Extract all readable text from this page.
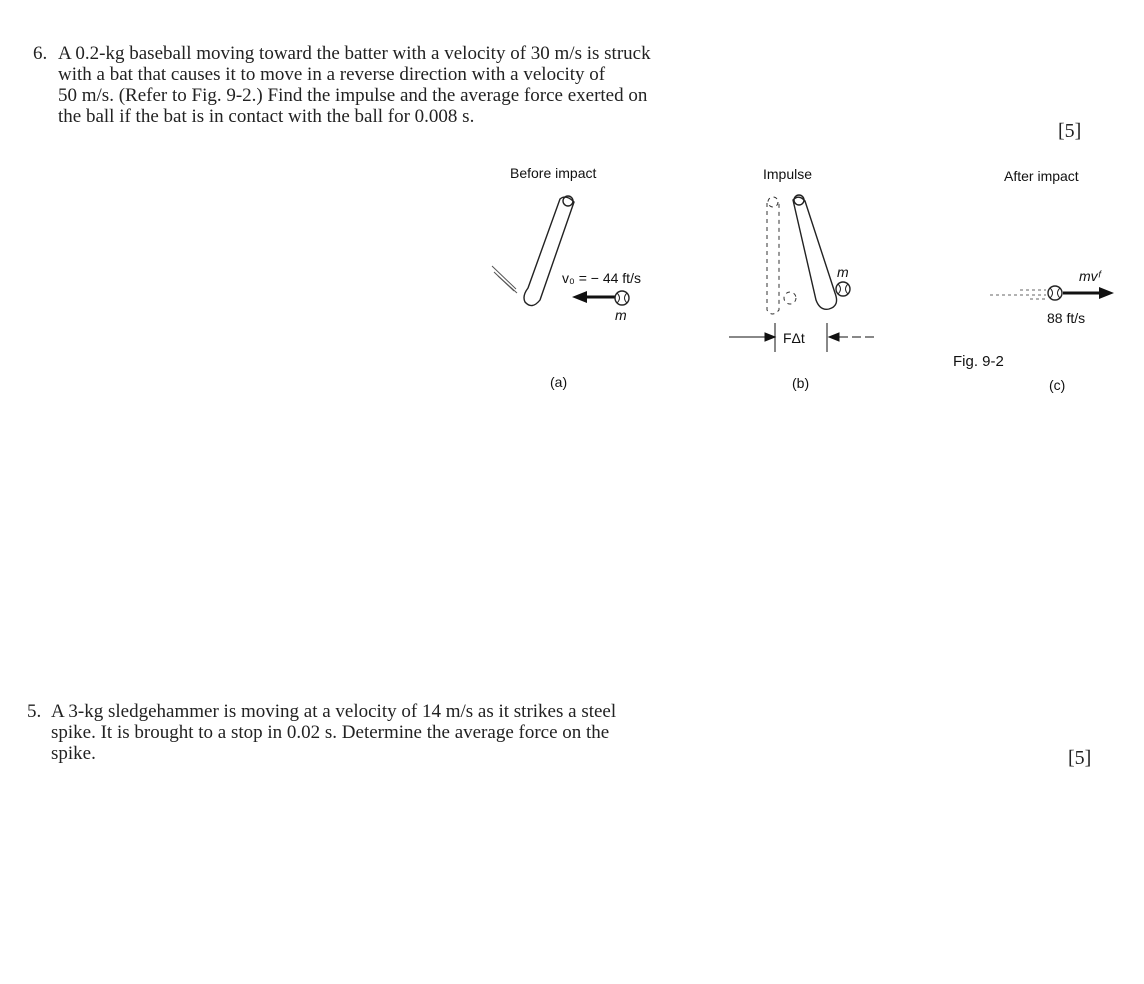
6. A 0.2-kg baseball moving toward the batter with a velocity of 30 m/s is struck
with a bat that causes it to move in a reverse direction with a velocity of
50 m/s. (Refer to Fig. 9-2.) Find the impulse and the average force exerted on
the ball if the bat is in contact with the ball for 0.008 s.
[5]
Before impact
v₀ = − 44 ft/s
m
(a)
Impulse
m
FΔt
(b)
After impact
mvᶠ
88 ft/s
(c)
Fig. 9-2
5. A 3-kg sledgehammer is moving at a velocity of 14 m/s as it strikes a steel
spike. It is brought to a stop in 0.02 s. Determine the average force on the
spike.	[5]
